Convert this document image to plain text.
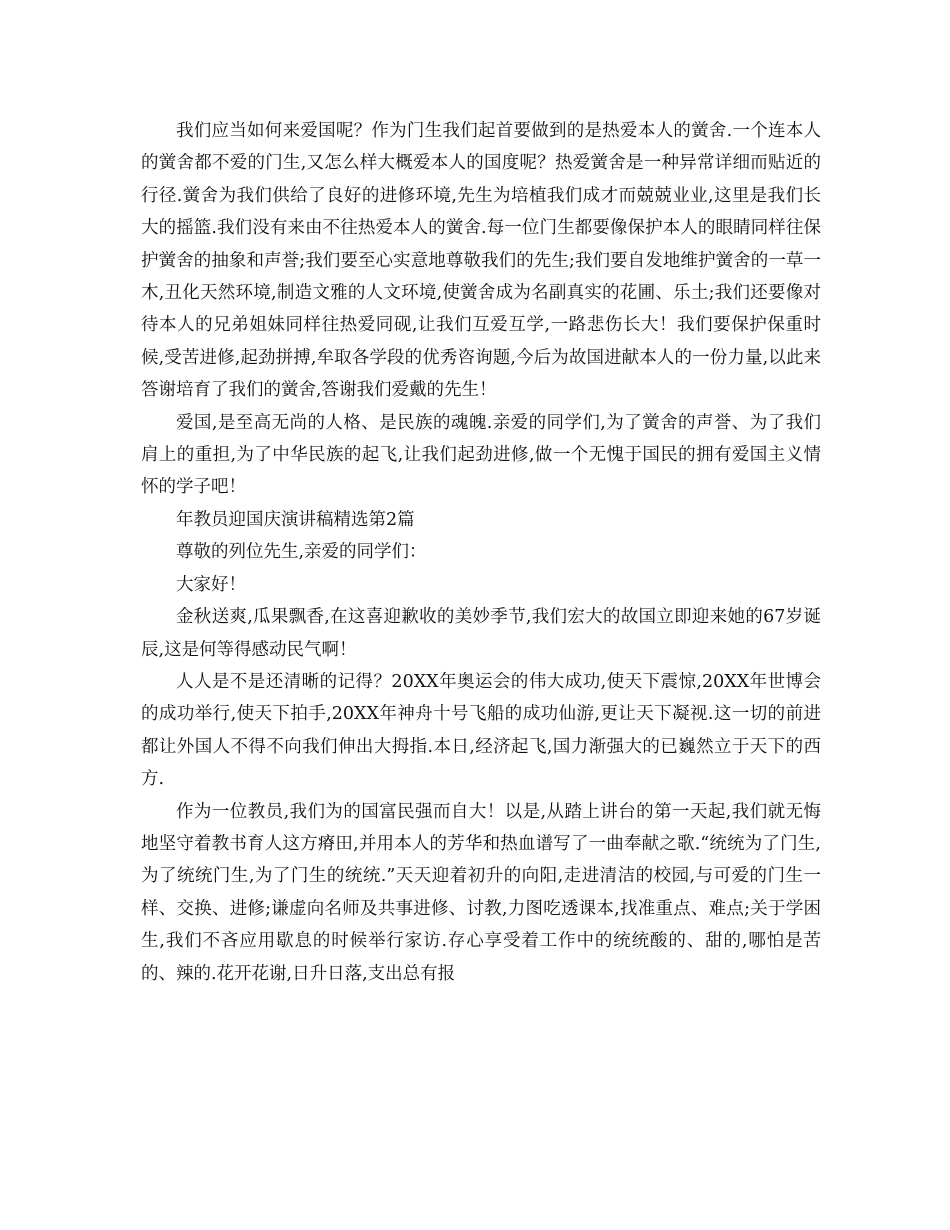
我们应当如何来爱国呢？作为门生我们起首要做到的是热爱本人的黉舍.一个连本人的黉舍都不爱的门生,又怎么样大概爱本人的国度呢？热爱黉舍是一种异常详细而贴近的行径.黉舍为我们供给了良好的进修环境,先生为培植我们成才而兢兢业业,这里是我们长大的摇篮.我们没有来由不往热爱本人的黉舍.每一位门生都要像保护本人的眼睛同样往保护黉舍的抽象和声誉;我们要至心实意地尊敬我们的先生;我们要自发地维护黉舍的一草一木,丑化天然环境,制造文雅的人文环境,使黉舍成为名副真实的花圃、乐土;我们还要像对待本人的兄弟姐妹同样往热爱同砚,让我们互爱互学,一路悲伤长大！我们要保护保重时候,受苦进修,起劲拼搏,牟取各学段的优秀咨询题,今后为故国进献本人的一份力量,以此来答谢培育了我们的黉舍,答谢我们爱戴的先生！

爱国,是至高无尚的人格、是民族的魂魄.亲爱的同学们,为了黉舍的声誉、为了我们肩上的重担,为了中华民族的起飞,让我们起劲进修,做一个无愧于国民的拥有爱国主义情怀的学子吧！

年教员迎国庆演讲稿精选第2篇

尊敬的列位先生,亲爱的同学们：

大家好！

金秋送爽,瓜果飘香,在这喜迎歉收的美妙季节,我们宏大的故国立即迎来她的67岁诞辰,这是何等得感动民气啊！

人人是不是还清晰的记得？20XX年奥运会的伟大成功,使天下震惊,20XX年世博会的成功举行,使天下拍手,20XX年神舟十号飞船的成功仙游,更让天下凝视.这一切的前进都让外国人不得不向我们伸出大拇指.本日,经济起飞,国力渐强大的已巍然立于天下的西方.

作为一位教员,我们为的国富民强而自大！以是,从踏上讲台的第一天起,我们就无悔地坚守着教书育人这方瘠田,并用本人的芳华和热血谱写了一曲奉献之歌.“统统为了门生,为了统统门生,为了门生的统统.”天天迎着初升的向阳,走进清洁的校园,与可爱的门生一样、交换、进修;谦虚向名师及共事进修、讨教,力图吃透课本,找准重点、难点;关于学困生,我们不吝应用歇息的时候举行家访.存心享受着工作中的统统酸的、甜的,哪怕是苦的、辣的.花开花谢,日升日落,支出总有报
